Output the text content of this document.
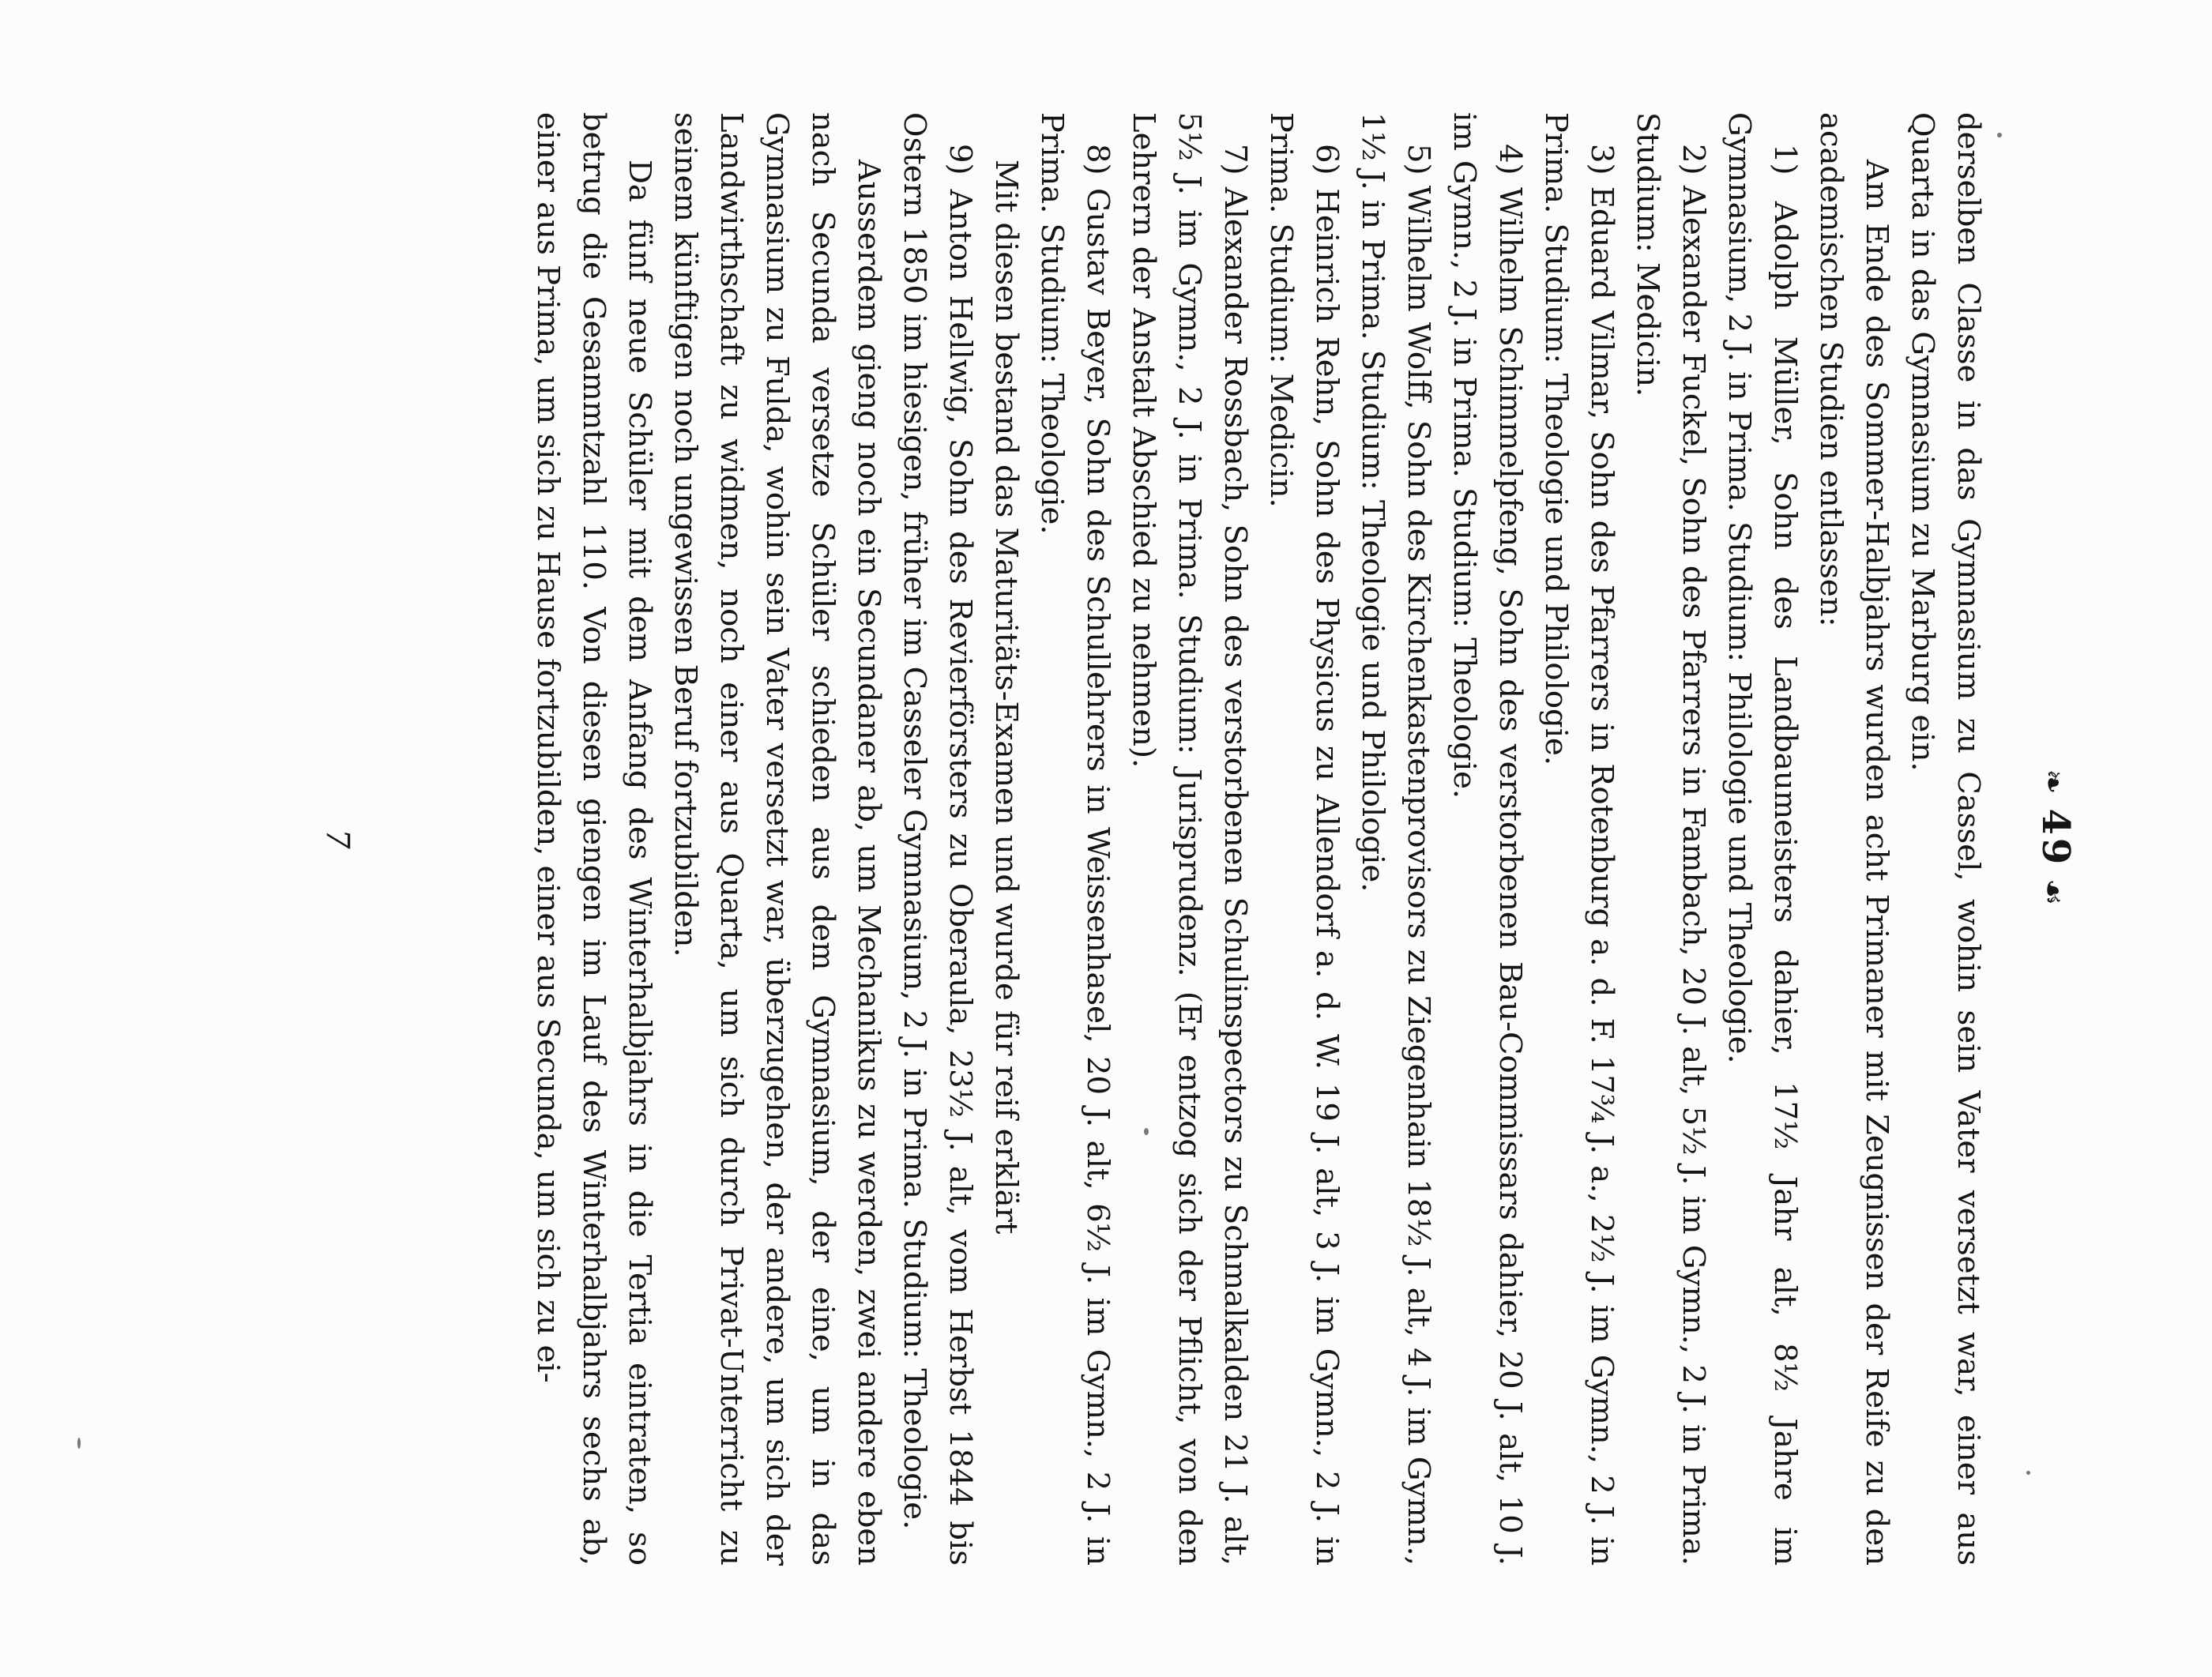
❧49☙

derselben Classe in das Gymnasium zu Cassel, wohin sein Vater versetzt war, einer aus Quarta in das Gymnasium zu Marburg ein.

Am Ende des Sommer-Halbjahrs wurden acht Primaner mit Zeugnissen der Reife zu den academischen Studien entlassen:

1) Adolph Müller, Sohn des Landbaumeisters dahier, 17½ Jahr alt, 8½ Jahre im Gymnasium, 2 J. in Prima. Studium: Philologie und Theologie.

2) Alexander Fuckel, Sohn des Pfarrers in Fambach, 20 J. alt, 5½ J. im Gymn., 2 J. in Prima. Studium: Medicin.

3) Eduard Vilmar, Sohn des Pfarrers in Rotenburg a. d. F. 17¾ J. a., 2½ J. im Gymn., 2 J. in Prima. Studium: Theologie und Philologie.

4) Wilhelm Schimmelpfeng, Sohn des verstorbenen Bau-Commissars dahier, 20 J. alt, 10 J. im Gymn., 2 J. in Prima. Studium: Theologie.

5) Wilhelm Wolff, Sohn des Kirchenkastenprovisors zu Ziegenhain 18½ J. alt, 4 J. im Gymn., 1½ J. in Prima. Studium: Theologie und Philologie.

6) Heinrich Rehn, Sohn des Physicus zu Allendorf a. d. W. 19 J. alt, 3 J. im Gymn., 2 J. in Prima. Studium: Medicin.

7) Alexander Rossbach, Sohn des verstorbenen Schulinspectors zu Schmalkalden 21 J. alt, 5½ J. im Gymn., 2 J. in Prima. Studium: Jurisprudenz. (Er entzog sich der Pflicht, von den Lehrern der Anstalt Abschied zu nehmen).

8) Gustav Beyer, Sohn des Schullehrers in Weissenhasel, 20 J. alt, 6½ J. im Gymn., 2 J. in Prima. Studium: Theologie.

Mit diesen bestand das Maturitäts-Examen und wurde für reif erklärt

9) Anton Hellwig, Sohn des Revierförsters zu Oberaula, 23½ J. alt, vom Herbst 1844 bis Ostern 1850 im hiesigen, früher im Casseler Gymnasium, 2 J. in Prima. Studium: Theologie.

Ausserdem gieng noch ein Secundaner ab, um Mechanikus zu werden, zwei andere eben nach Secunda versetze Schüler schieden aus dem Gymnasium, der eine, um in das Gymnasium zu Fulda, wohin sein Vater versetzt war, überzugehen, der andere, um sich der Landwirthschaft zu widmen, noch einer aus Quarta, um sich durch Privat-Unterricht zu seinem künftigen noch ungewissen Beruf fortzubilden.

Da fünf neue Schüler mit dem Anfang des Winterhalbjahrs in die Tertia eintraten, so betrug die Gesammtzahl 110. Von diesen giengen im Lauf des Winterhalbjahrs sechs ab, einer aus Prima, um sich zu Hause fortzubilden, einer aus Secunda, um sich zu ei-

7
